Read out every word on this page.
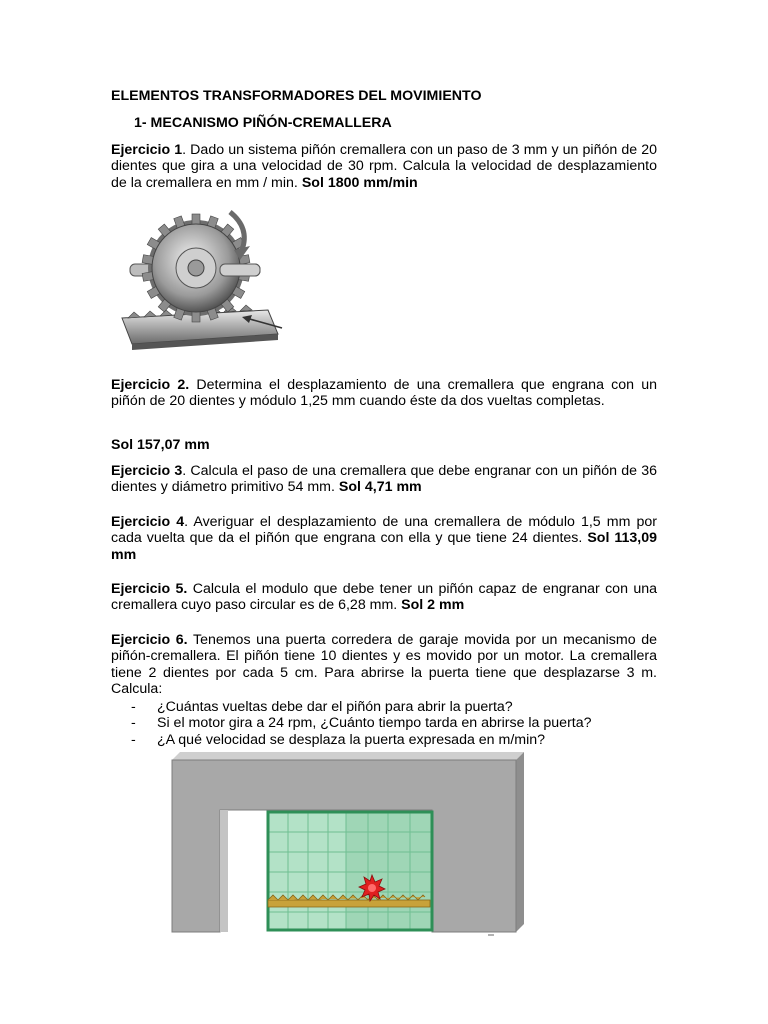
ELEMENTOS TRANSFORMADORES DEL MOVIMIENTO
1- MECANISMO PIÑÓN-CREMALLERA
Ejercicio 1. Dado un sistema piñón cremallera con un paso de 3 mm y un piñón de 20 dientes que gira a una velocidad de 30 rpm. Calcula la velocidad de desplazamiento de la cremallera en mm / min. Sol 1800 mm/min
Ejercicio 2. Determina el desplazamiento de una cremallera que engrana con un piñón de 20 dientes y módulo 1,25 mm cuando éste da dos vueltas completas.
Sol 157,07 mm
Ejercicio 3. Calcula el paso de una cremallera que debe engranar con un piñón de 36 dientes y diámetro primitivo 54 mm. Sol 4,71 mm
Ejercicio 4. Averiguar el desplazamiento de una cremallera de módulo 1,5 mm por cada vuelta que da el piñón que engrana con ella y que tiene 24 dientes. Sol 113,09 mm
Ejercicio 5. Calcula el modulo que debe tener un piñón capaz de engranar con una cremallera cuyo paso circular es de 6,28 mm. Sol 2 mm
Ejercicio 6. Tenemos una puerta corredera de garaje movida por un mecanismo de piñón-cremallera. El piñón tiene 10 dientes y es movido por un motor. La cremallera tiene 2 dientes por cada 5 cm. Para abrirse la puerta tiene que desplazarse 3 m. Calcula:
- ¿Cuántas vueltas debe dar el piñón para abrir la puerta?
- Si el motor gira a 24 rpm, ¿Cuánto tiempo tarda en abrirse la puerta?
- ¿A qué velocidad se desplaza la puerta expresada en m/min?
